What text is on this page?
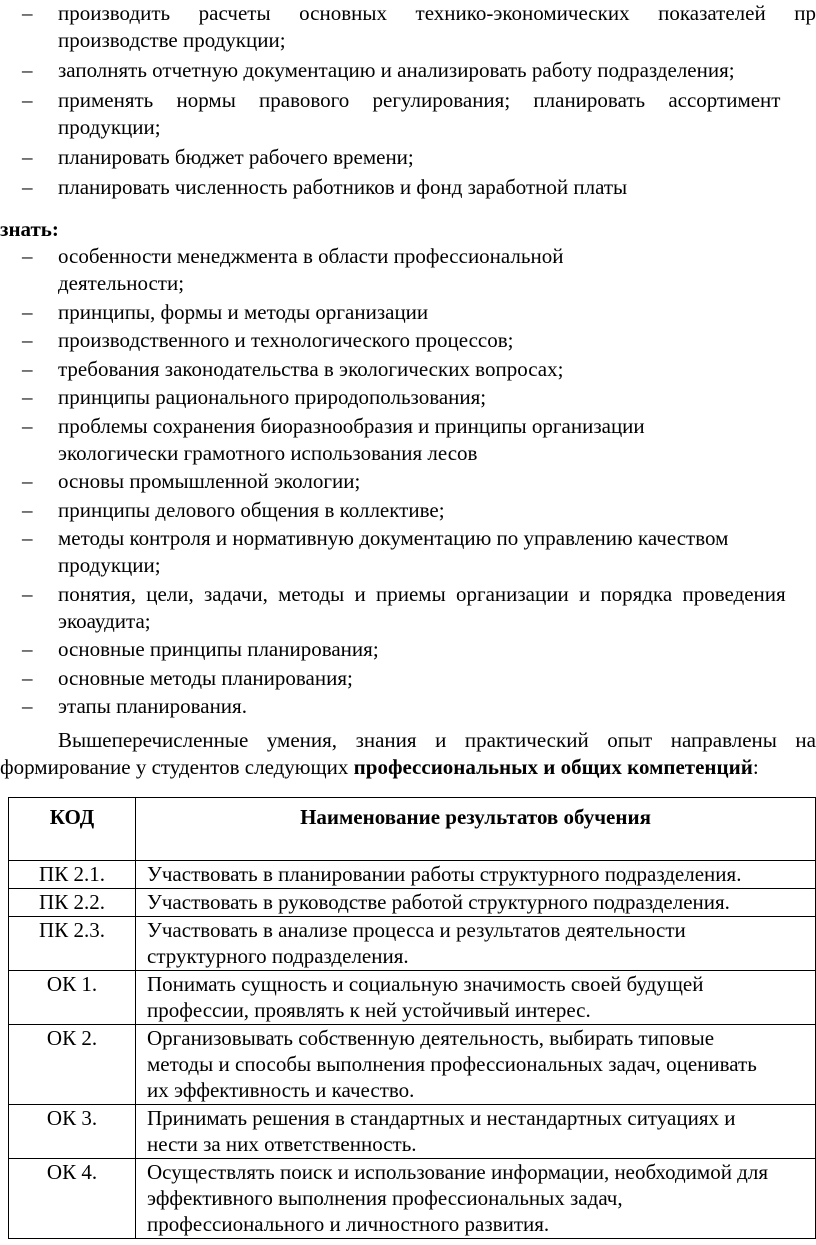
–	производить расчеты основных технико-экономических показателей пр
производстве продукции;
–	заполнять отчетную документацию и анализировать работу подразделения;
–	применять нормы правового регулирования; планировать ассортимент
продукции;
–	планировать бюджет рабочего времени;
–	планировать численность работников и фонд заработной платы
знать:
–	особенности менеджмента в области профессиональной
деятельности;
–	принципы, формы и методы организации
–	производственного и технологического процессов;
–	требования законодательства в экологических вопросах;
–	принципы рационального природопользования;
–	проблемы сохранения биоразнообразия и принципы организации
экологически грамотного использования лесов
–	основы промышленной экологии;
–	принципы делового общения в коллективе;
–	методы контроля и нормативную документацию по управлению качеством
продукции;
–	понятия, цели, задачи, методы и приемы организации и порядка проведения
экоаудита;
–	основные принципы планирования;
–	основные методы планирования;
–	этапы планирования.
Вышеперечисленные умения, знания и практический опыт направлены на
формирование у студентов следующих профессиональных и общих компетенций:
КОД	Наименование результатов обучения
ПК 2.1.	Участвовать в планировании работы структурного подразделения.

ПК 2.2.	Участвовать в руководстве работой структурного подразделения.

ПК 2.3.	Участвовать в анализе процесса и результатов деятельности
структурного подразделения.

ОК 1.	Понимать сущность и социальную значимость своей будущей
профессии, проявлять к ней устойчивый интерес.

ОК 2.	Организовывать собственную деятельность, выбирать типовые
методы и способы выполнения профессиональных задач, оценивать
их эффективность и качество.

ОК 3.	Принимать решения в стандартных и нестандартных ситуациях и
нести за них ответственность.

ОК 4.	Осуществлять поиск и использование информации, необходимой для
эффективного выполнения профессиональных задач,
профессионального и личностного развития.
